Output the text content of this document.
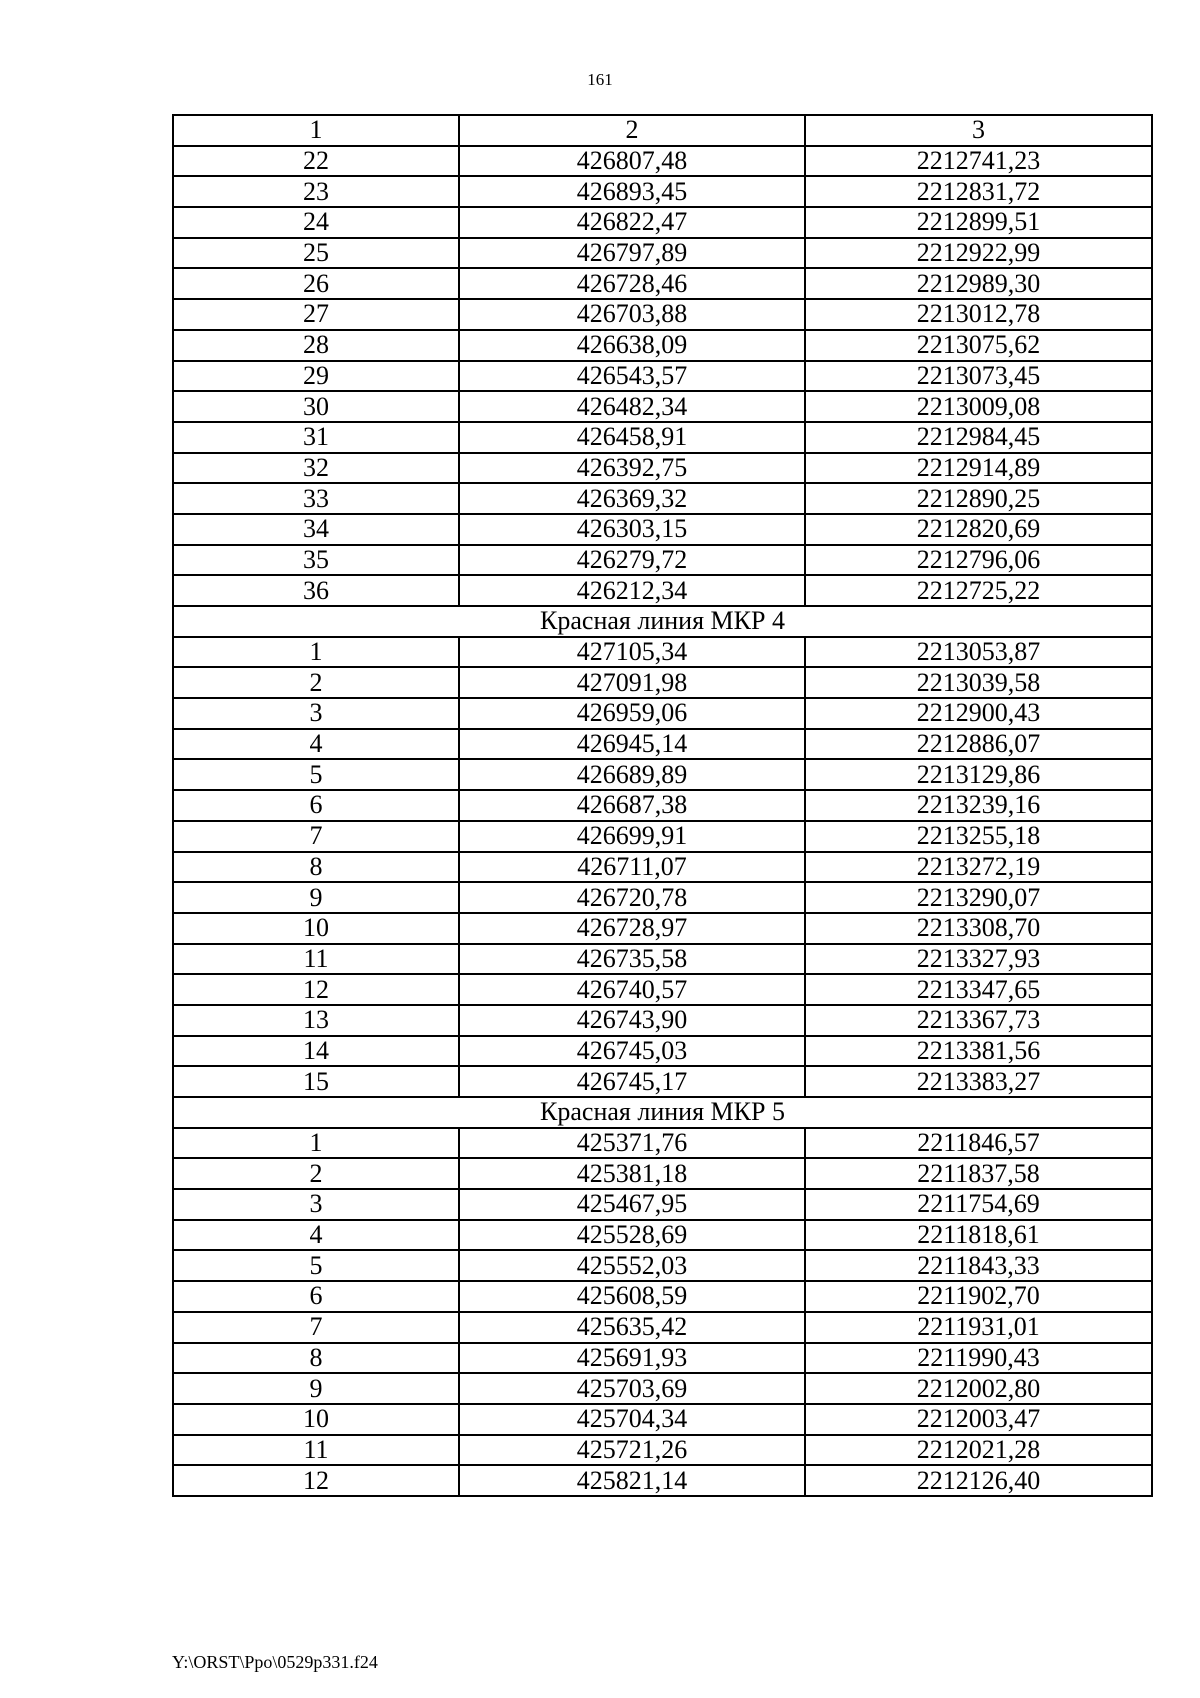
161
1	2	3
22	426807,48	2212741,23
23	426893,45	2212831,72
24	426822,47	2212899,51
25	426797,89	2212922,99
26	426728,46	2212989,30
27	426703,88	2213012,78
28	426638,09	2213075,62
29	426543,57	2213073,45
30	426482,34	2213009,08
31	426458,91	2212984,45
32	426392,75	2212914,89
33	426369,32	2212890,25
34	426303,15	2212820,69
35	426279,72	2212796,06
36	426212,34	2212725,22
Красная линия МКР 4		
1	427105,34	2213053,87
2	427091,98	2213039,58
3	426959,06	2212900,43
4	426945,14	2212886,07
5	426689,89	2213129,86
6	426687,38	2213239,16
7	426699,91	2213255,18
8	426711,07	2213272,19
9	426720,78	2213290,07
10	426728,97	2213308,70
11	426735,58	2213327,93
12	426740,57	2213347,65
13	426743,90	2213367,73
14	426745,03	2213381,56
15	426745,17	2213383,27
Красная линия МКР 5		
1	425371,76	2211846,57
2	425381,18	2211837,58
3	425467,95	2211754,69
4	425528,69	2211818,61
5	425552,03	2211843,33
6	425608,59	2211902,70
7	425635,42	2211931,01
8	425691,93	2211990,43
9	425703,69	2212002,80
10	425704,34	2212003,47
11	425721,26	2212021,28
12	425821,14	2212126,40
Y:\ORST\Ppo\0529p331.f24
